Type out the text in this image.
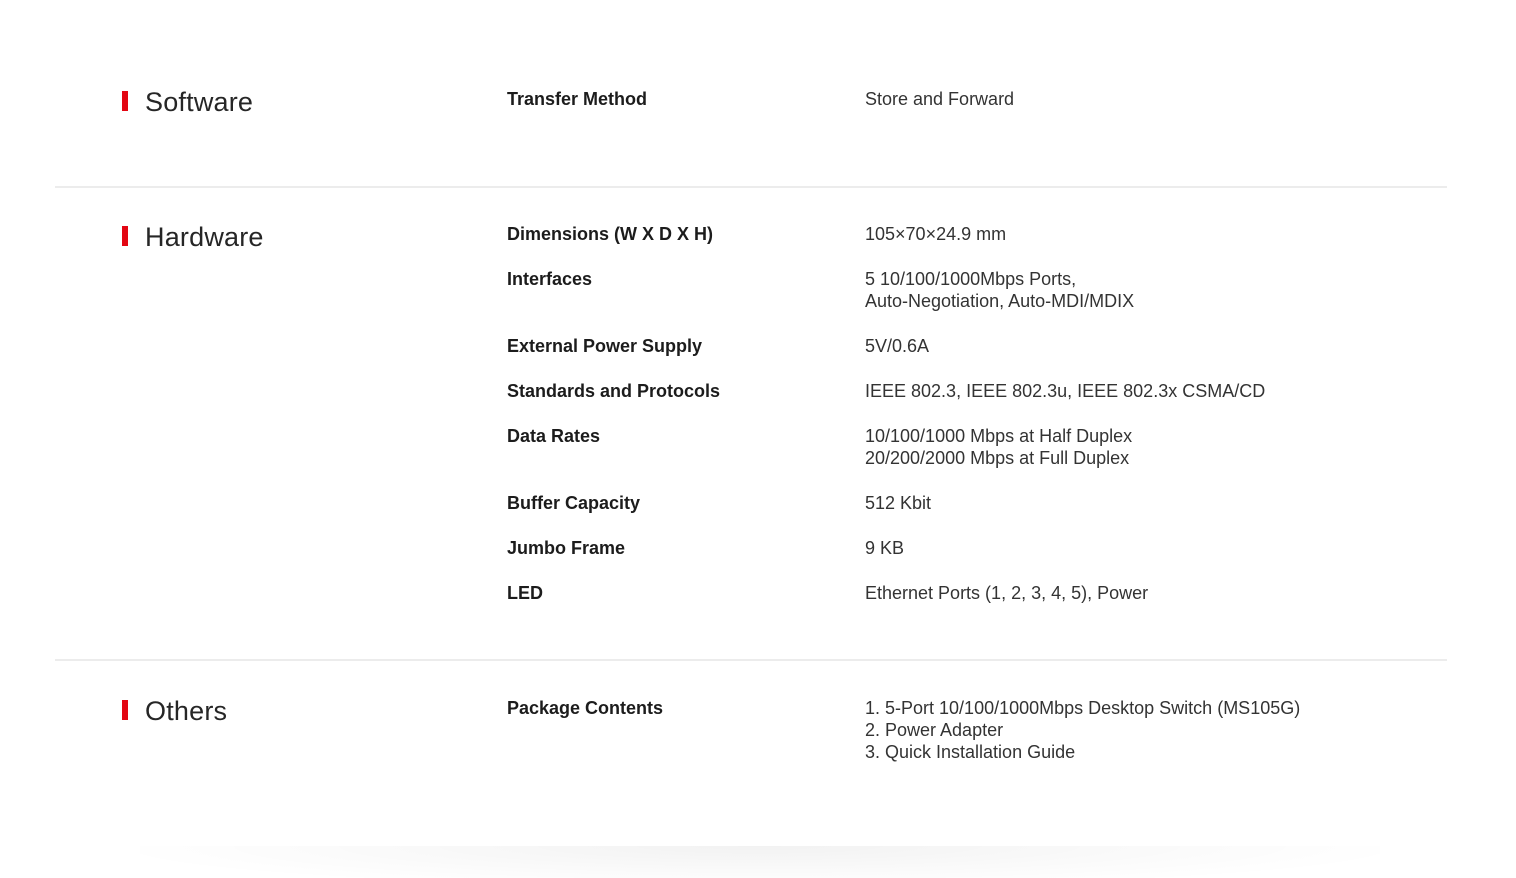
Software	Transfer Method	Store and Forward
Hardware	Dimensions (W X D X H)	105×70×24.9 mm
Interfaces	5 10/100/1000Mbps Ports,
Auto-Negotiation, Auto-MDI/MDIX
External Power Supply	5V/0.6A
Standards and Protocols	IEEE 802.3, IEEE 802.3u, IEEE 802.3x CSMA/CD
Data Rates	10/100/1000 Mbps at Half Duplex
20/200/2000 Mbps at Full Duplex
Buffer Capacity	512 Kbit
Jumbo Frame	9 KB
LED	Ethernet Ports (1, 2, 3, 4, 5), Power
Others	Package Contents	1. 5-Port 10/100/1000Mbps Desktop Switch (MS105G)
2. Power Adapter
3. Quick Installation Guide
